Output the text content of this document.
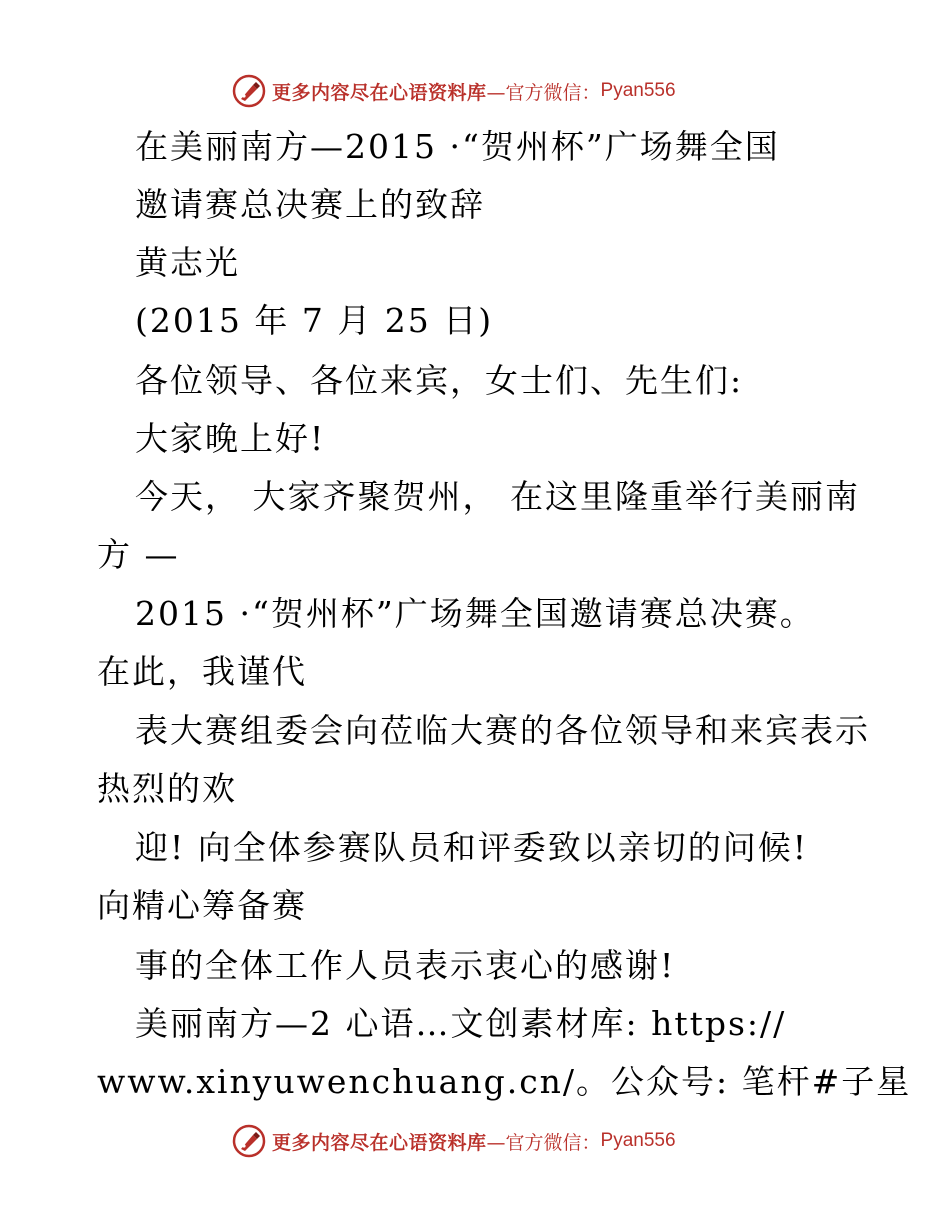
更多内容尽在心语资料库 —官方微信： Pyan556
在美丽南方—2015 ·“贺州杯”广场舞全国
邀请赛总决赛上的致辞
黄志光
(2015 年 7 月 25 日)
各位领导、各位来宾，女士们、先生们:
大家晚上好!
今天， 大家齐聚贺州， 在这里隆重举行美丽南
方 —
2015 ·“贺州杯”广场舞全国邀请赛总决赛。
在此，我谨代
表大赛组委会向莅临大赛的各位领导和来宾表示
热烈的欢
迎! 向全体参赛队员和评委致以亲切的问候!
向精心筹备赛
事的全体工作人员表示衷心的感谢!
美丽南方—2 心语…文创素材库: https://
www.xinyuwenchuang.cn/。公众号: 笔杆#子星
更多内容尽在心语资料库 —官方微信： Pyan556
